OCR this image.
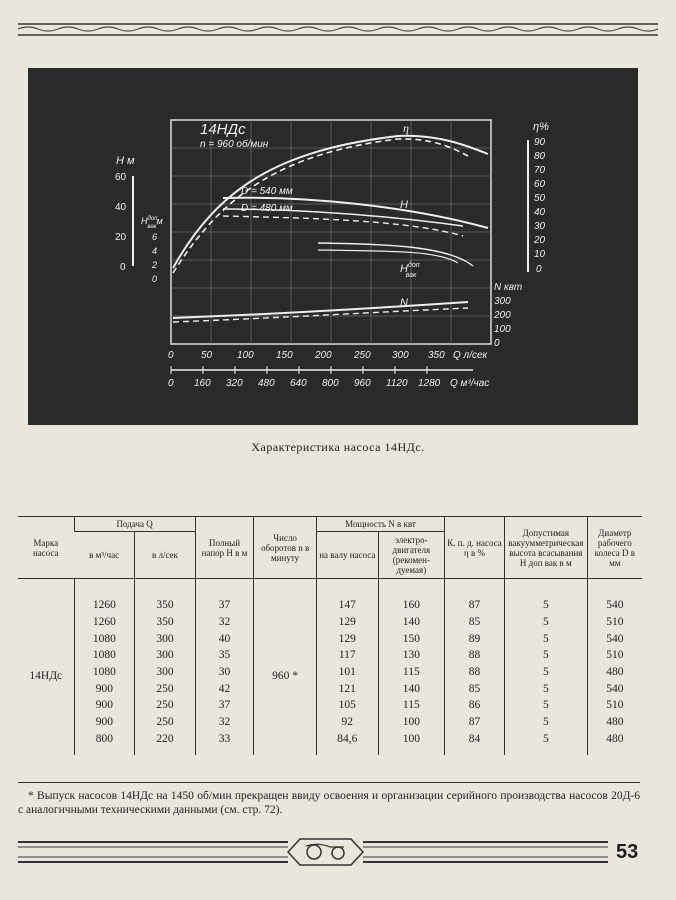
14НДс
n = 960 об/мин
η
H
D = 540 мм
D = 480 мм
$H^{доп}$ вак
N
H м
60
40
20
0
$H^{доп}$ вакм
6
4
2
0
η%
90
80
70
60
50
40
30
20
10
0
N квт
300
200
100
0
0	50 100 150 200 250 300 350 Q л/сек
0 160 320 480 640 800 960 1120 1280 Q м³/час
Характеристика насоса 14НДс.
Марка насоса	Подача Q		Полный напор H в м	Число оборотов n в минуту	Мощность N в квт		К. п. д. насоса η в %	Допустимая вакуумметрическая высота всасывания H доп вак в м	Диаметр рабочего колеса D в мм
	в м³/час	в л/сек			на валу насоса	электро-двигателя (рекомен-дуемая)			
14НДс	1260	350	37	960 *	147	160	87	5	540
	1260	350	32		129	140	85	5	510
	1080	300	40		129	150	89	5	540
	1080	300	35		117	130	88	5	510
	1080	300	30		101	115	88	5	480
	900	250	42		121	140	85	5	540
	900	250	37		105	115	86	5	510
	900	250	32		92	100	87	5	480
	800	220	33		84,6	100	84	5	480
* Выпуск насосов 14НДс на 1450 об/мин прекращен ввиду освоения и организации серийного производства насосов 20Д-6 с аналогичными техническими данными (см. стр. 72).
53
